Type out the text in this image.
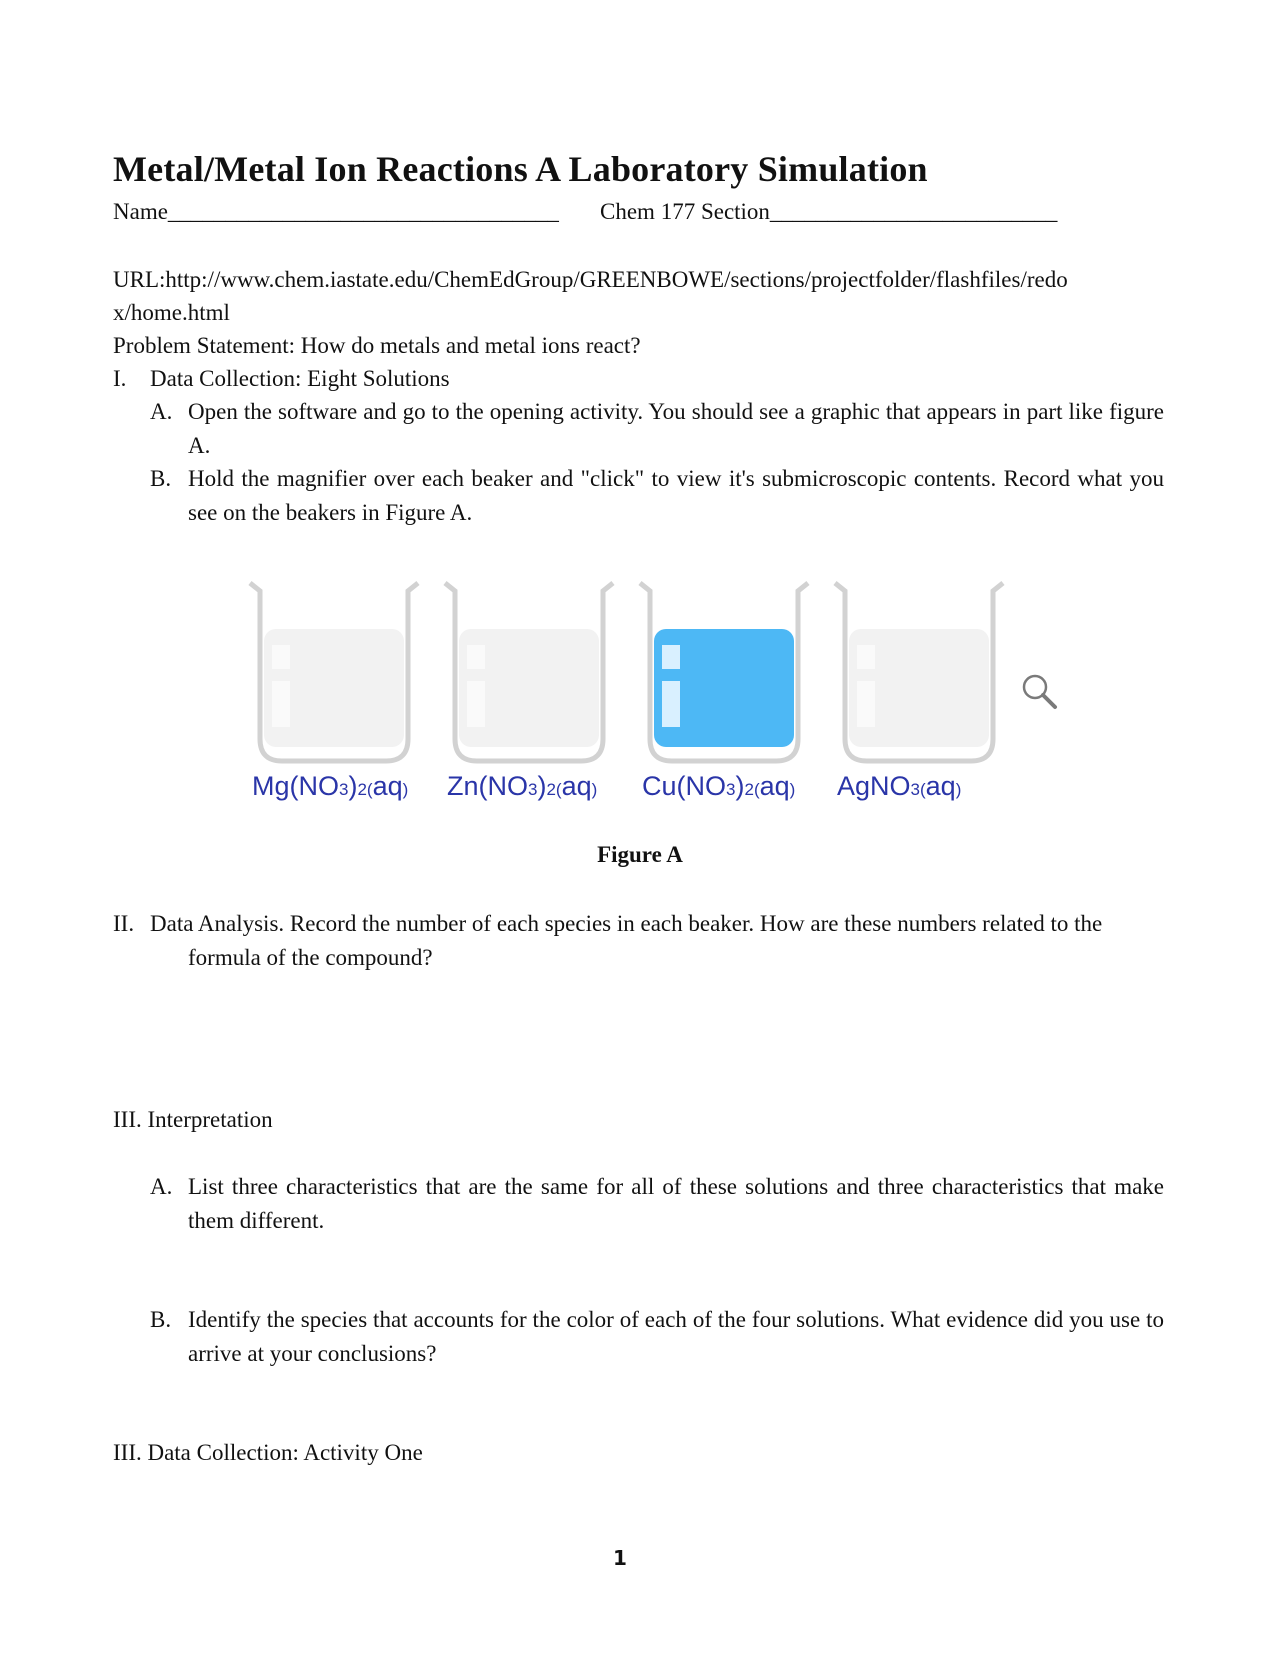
Metal/Metal Ion Reactions A Laboratory Simulation
Name__________________________________ Chem 177 Section_________________________
URL:http://www.chem.iastate.edu/ChemEdGroup/GREENBOWE/sections/projectfolder/flashfiles/redo
x/home.html
Problem Statement: How do metals and metal ions react?
I. Data Collection: Eight Solutions
A. Open the software and go to the opening activity. You should see a graphic that appears in part like figure A.
B. Hold the magnifier over each beaker and "click" to view it's submicroscopic contents. Record what you see on the beakers in Figure A.
Mg(NO3)2(aq) Zn(NO3)2(aq) Cu(NO3)2(aq) AgNO3(aq)
Figure A
II. Data Analysis. Record the number of each species in each beaker. How are these numbers related to the formula of the compound?
III. Interpretation
A. List three characteristics that are the same for all of these solutions and three characteristics that make them different.
B. Identify the species that accounts for the color of each of the four solutions. What evidence did you use to arrive at your conclusions?
III. Data Collection: Activity One
1
